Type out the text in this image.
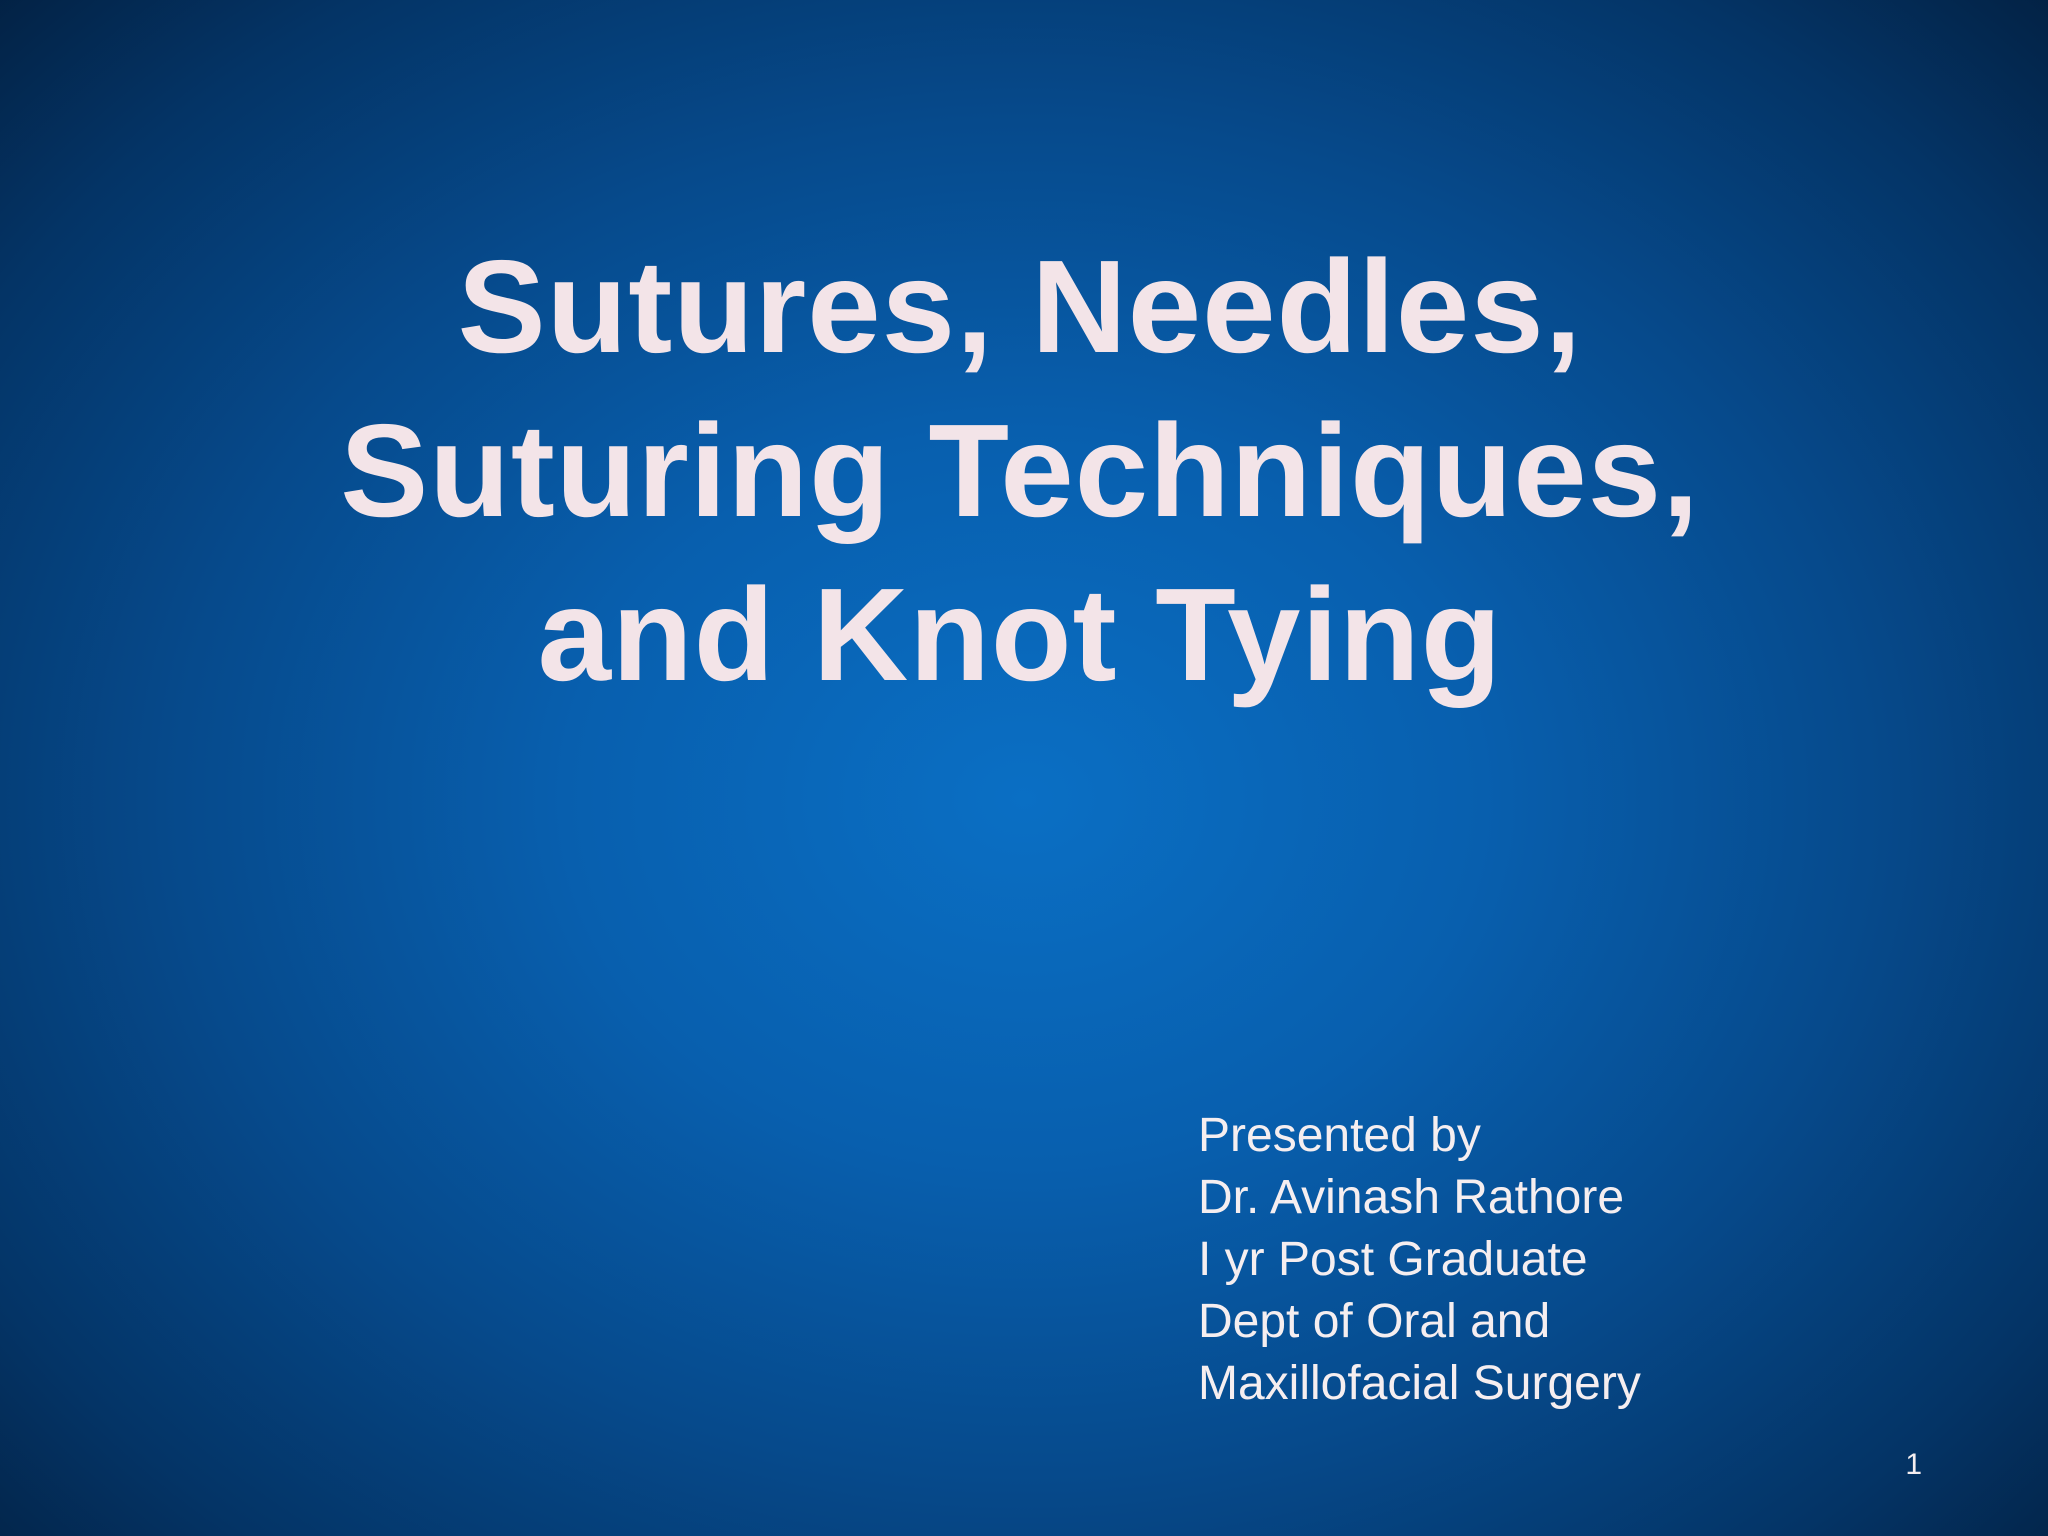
Sutures, Needles,
Suturing Techniques,
and Knot Tying
Presented by
Dr. Avinash Rathore
I yr Post Graduate
Dept of Oral and
Maxillofacial Surgery
1
